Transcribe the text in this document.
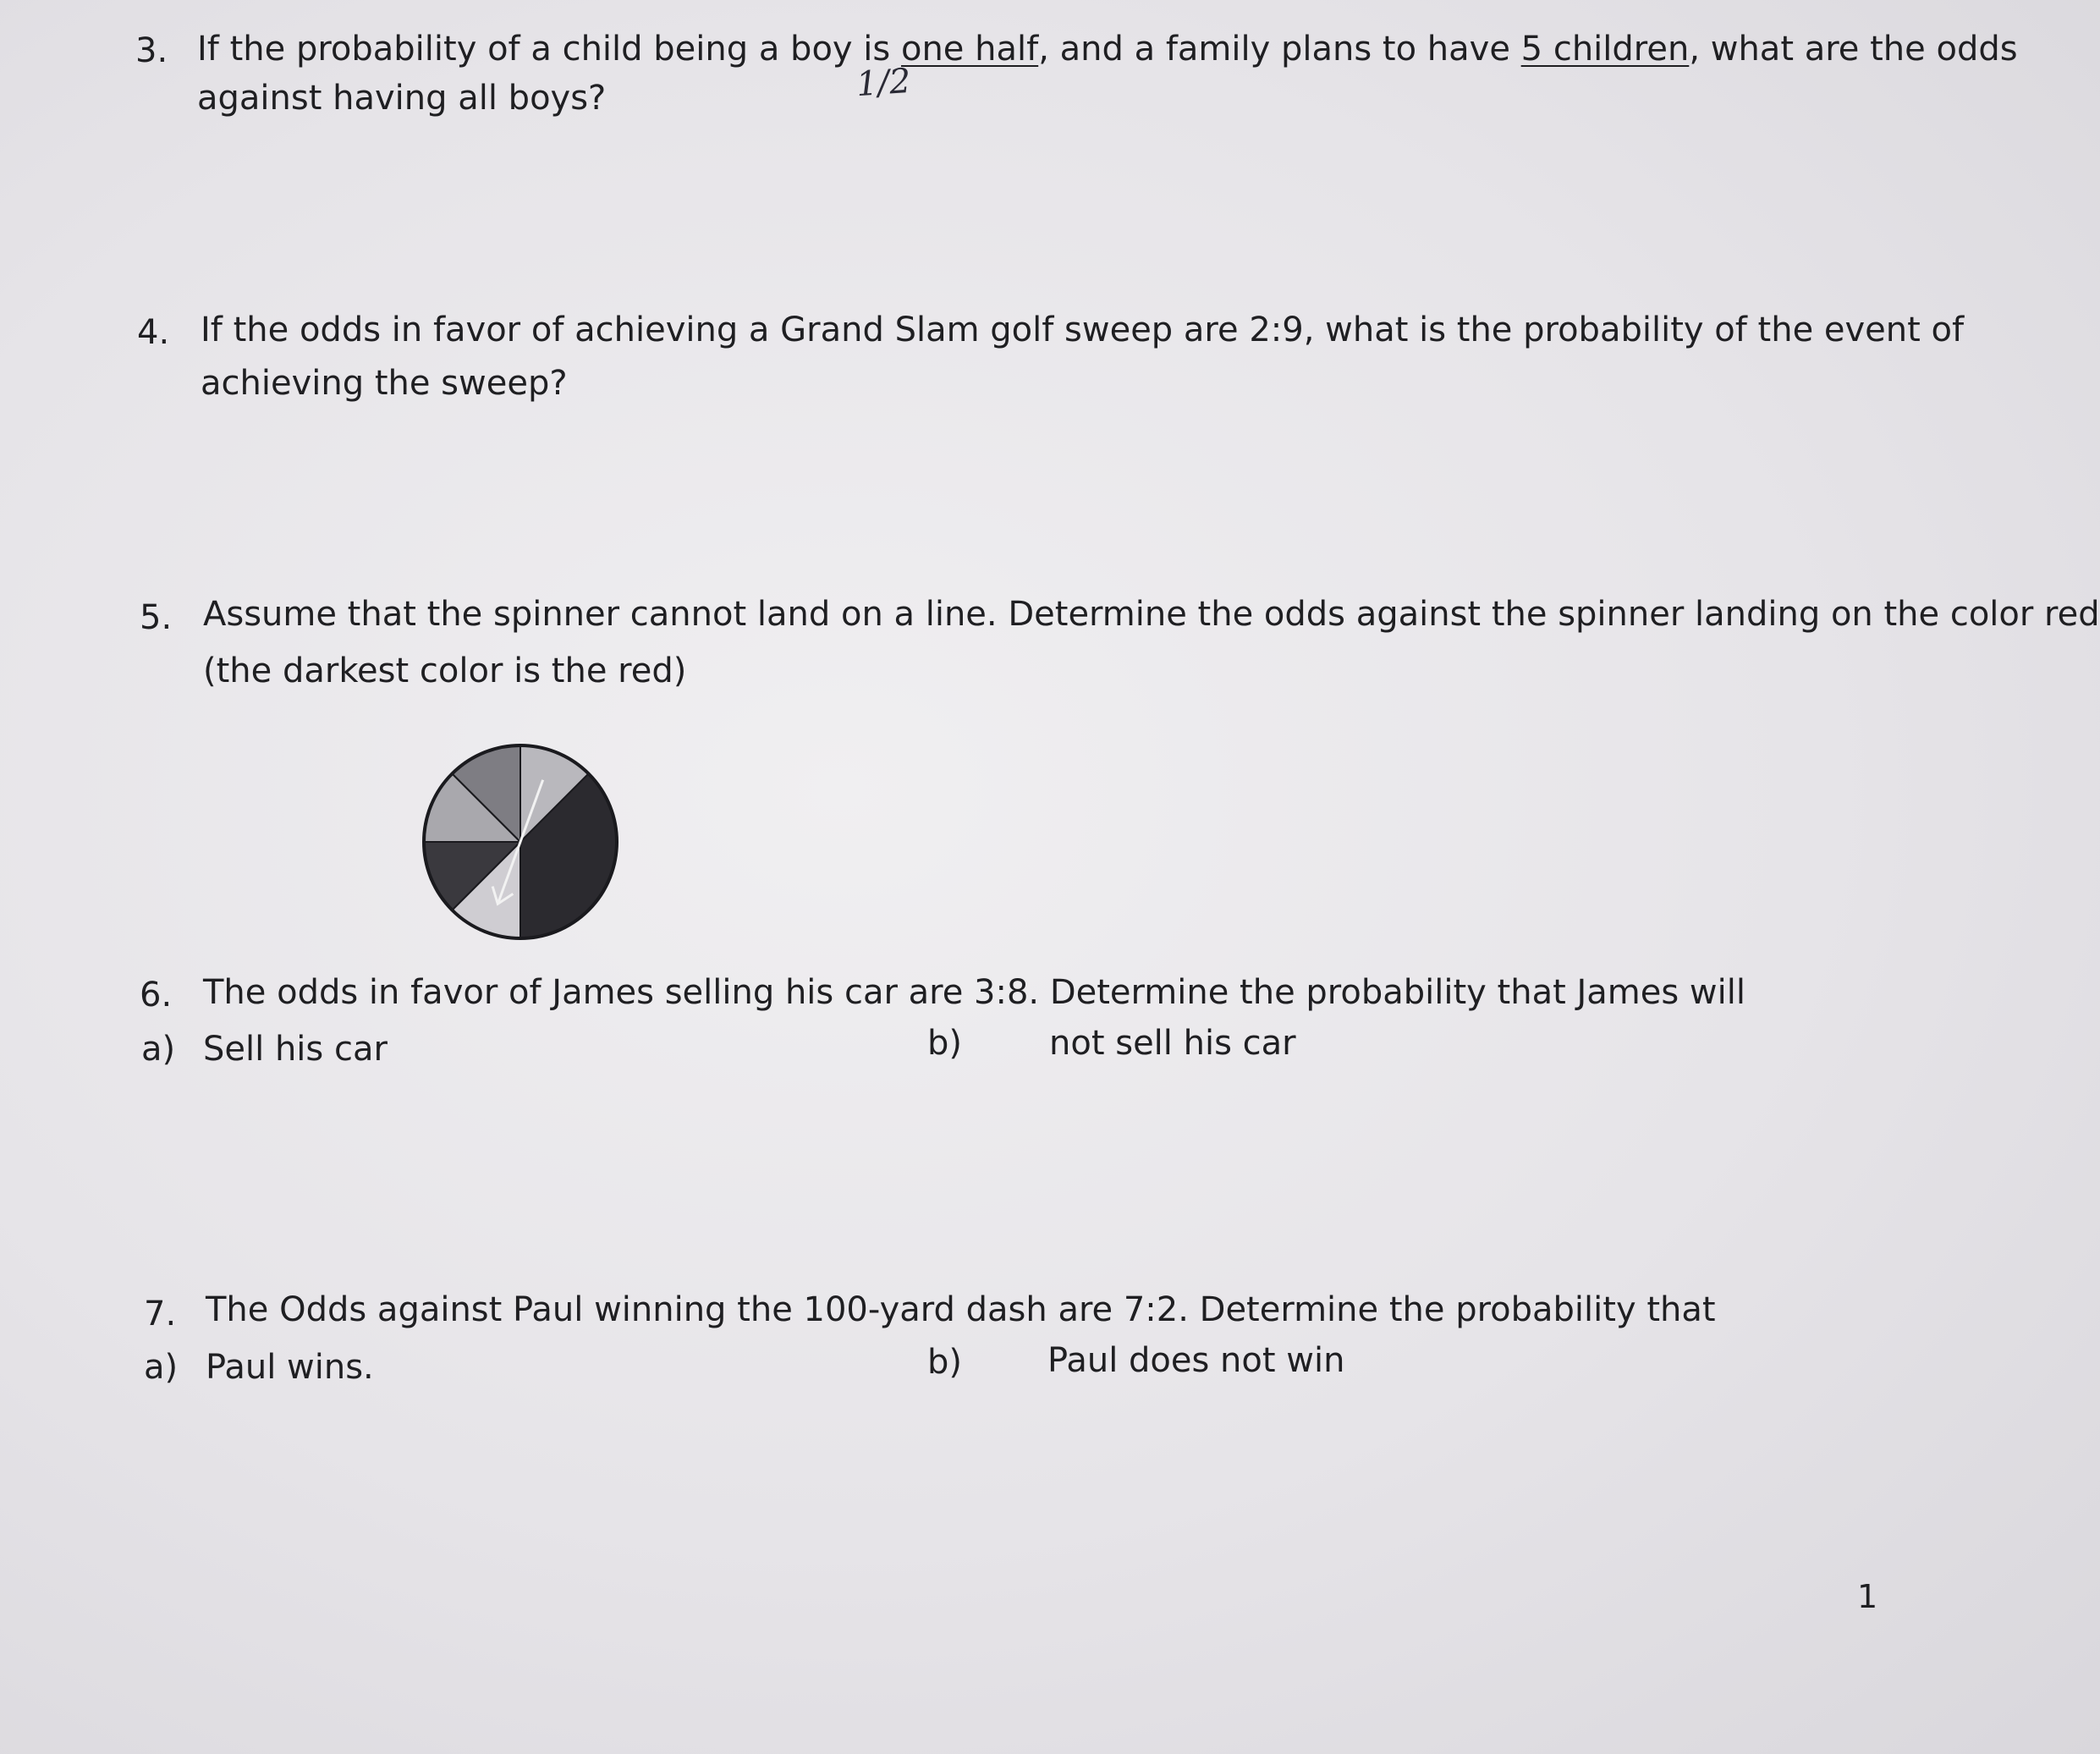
3. If the probability of a child being a boy is one half, and a family plans to have 5 children, what are the odds
against having all boys?	1/2
4. If the odds in favor of achieving a Grand Slam golf sweep are 2:9, what is the probability of the event of
achieving the sweep?
5. Assume that the spinner cannot land on a line. Determine the odds against the spinner landing on the color red
(the darkest color is the red)
6. The odds in favor of James selling his car are 3:8. Determine the probability that James will
a) Sell his car	b)	not sell his car
7. The Odds against Paul winning the 100-yard dash are 7:2. Determine the probability that
a) Paul wins.	b)	Paul does not win
1
